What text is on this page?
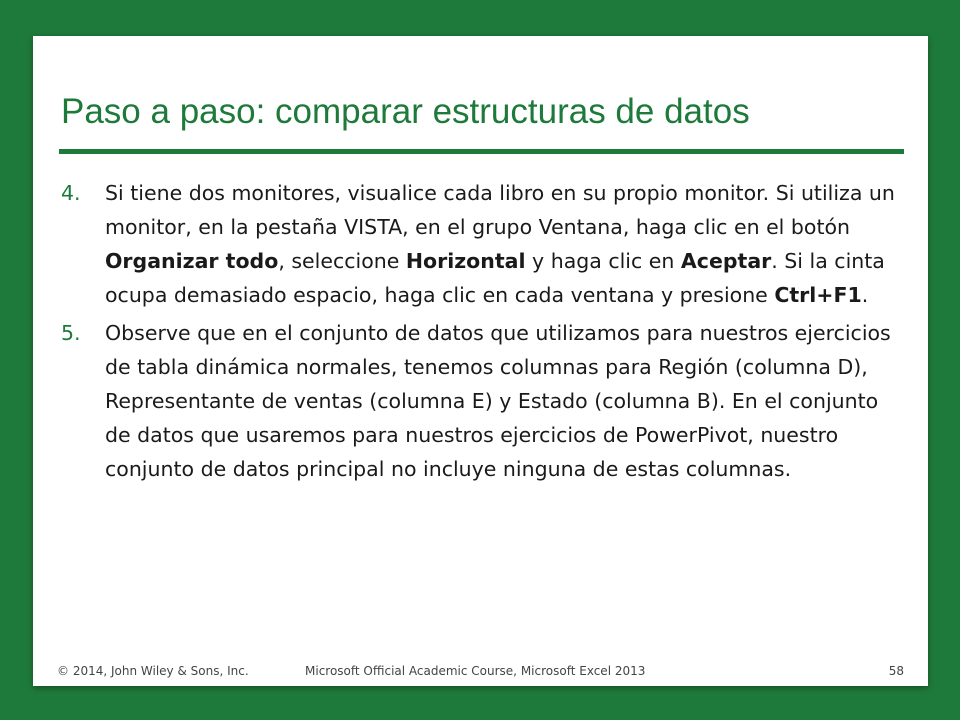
Paso a paso: comparar estructuras de datos
4. Si tiene dos monitores, visualice cada libro en su propio monitor. Si utiliza un monitor, en la pestaña VISTA, en el grupo Ventana, haga clic en el botón Organizar todo, seleccione Horizontal y haga clic en Aceptar. Si la cinta ocupa demasiado espacio, haga clic en cada ventana y presione Ctrl+F1.
5. Observe que en el conjunto de datos que utilizamos para nuestros ejercicios de tabla dinámica normales, tenemos columnas para Región (columna D), Representante de ventas (columna E) y Estado (columna B). En el conjunto de datos que usaremos para nuestros ejercicios de PowerPivot, nuestro conjunto de datos principal no incluye ninguna de estas columnas.
© 2014, John Wiley & Sons, Inc.	Microsoft Official Academic Course, Microsoft Excel 2013	58
